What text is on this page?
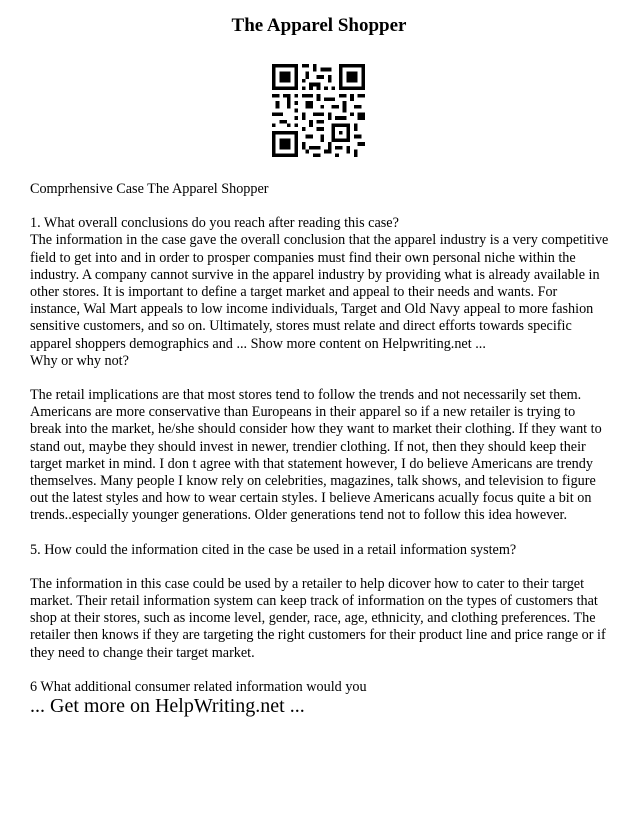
The Apparel Shopper

Comprhensive Case The Apparel Shopper

1. What overall conclusions do you reach after reading this case?

The information in the case gave the overall conclusion that the apparel industry is a very competitive field to get into and in order to prosper companies must find their own personal niche within the industry. A company cannot survive in the apparel industry by providing what is already available in other stores. It is important to define a target market and appeal to their needs and wants. For instance, Wal Mart appeals to low income individuals, Target and Old Navy appeal to more fashion sensitive customers, and so on. Ultimately, stores must relate and direct efforts towards specific apparel shoppers demographics and ... Show more content on Helpwriting.net ...

Why or why not?

The retail implications are that most stores tend to follow the trends and not necessarily set them. Americans are more conservative than Europeans in their apparel so if a new retailer is trying to break into the market, he/she should consider how they want to market their clothing. If they want to stand out, maybe they should invest in newer, trendier clothing. If not, then they should keep their target market in mind. I don t agree with that statement however, I do believe Americans are trendy themselves. Many people I know rely on celebrities, magazines, talk shows, and television to figure out the latest styles and how to wear certain styles. I believe Americans acually focus quite a bit on trends..especially younger generations. Older generations tend not to follow this idea however.

5. How could the information cited in the case be used in a retail information system?

The information in this case could be used by a retailer to help dicover how to cater to their target market. Their retail information system can keep track of information on the types of customers that shop at their stores, such as income level, gender, race, age, ethnicity, and clothing preferences. The retailer then knows if they are targeting the right customers for their product line and price range or if they need to change their target market.

6 What additional consumer related information would you

... Get more on HelpWriting.net ...
